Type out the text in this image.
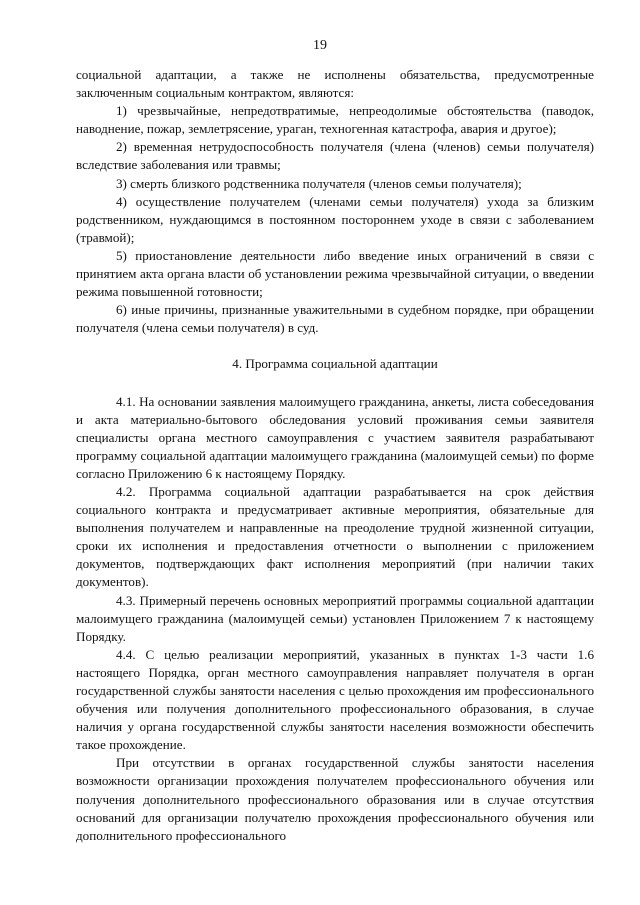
19

социальной адаптации, а также не исполнены обязательства, предусмотренные заключенным социальным контрактом, являются:

1) чрезвычайные, непредотвратимые, непреодолимые обстоятельства (паводок, наводнение, пожар, землетрясение, ураган, техногенная катастрофа, авария и другое);

2) временная нетрудоспособность получателя (члена (членов) семьи получателя) вследствие заболевания или травмы;

3) смерть близкого родственника получателя (членов семьи получателя);

4) осуществление получателем (членами семьи получателя) ухода за близким родственником, нуждающимся в постоянном постороннем уходе в связи с заболеванием (травмой);

5) приостановление деятельности либо введение иных ограничений в связи с принятием акта органа власти об установлении режима чрезвычайной ситуации, о введении режима повышенной готовности;

6) иные причины, признанные уважительными в судебном порядке, при обращении получателя (члена семьи получателя) в суд.

4. Программа социальной адаптации

4.1. На основании заявления малоимущего гражданина, анкеты, листа собеседования и акта материально-бытового обследования условий проживания семьи заявителя специалисты органа местного самоуправления с участием заявителя разрабатывают программу социальной адаптации малоимущего гражданина (малоимущей семьи) по форме согласно Приложению 6 к настоящему Порядку.

4.2. Программа социальной адаптации разрабатывается на срок действия социального контракта и предусматривает активные мероприятия, обязательные для выполнения получателем и направленные на преодоление трудной жизненной ситуации, сроки их исполнения и предоставления отчетности о выполнении с приложением документов, подтверждающих факт исполнения мероприятий (при наличии таких документов).

4.3. Примерный перечень основных мероприятий программы социальной адаптации малоимущего гражданина (малоимущей семьи) установлен Приложением 7 к настоящему Порядку.

4.4. С целью реализации мероприятий, указанных в пунктах 1-3 части 1.6 настоящего Порядка, орган местного самоуправления направляет получателя в орган государственной службы занятости населения с целью прохождения им профессионального обучения или получения дополнительного профессионального образования, в случае наличия у органа государственной службы занятости населения возможности обеспечить такое прохождение.

При отсутствии в органах государственной службы занятости населения возможности организации прохождения получателем профессионального обучения или получения дополнительного профессионального образования или в случае отсутствия оснований для организации получателю прохождения профессионального обучения или дополнительного профессионального
